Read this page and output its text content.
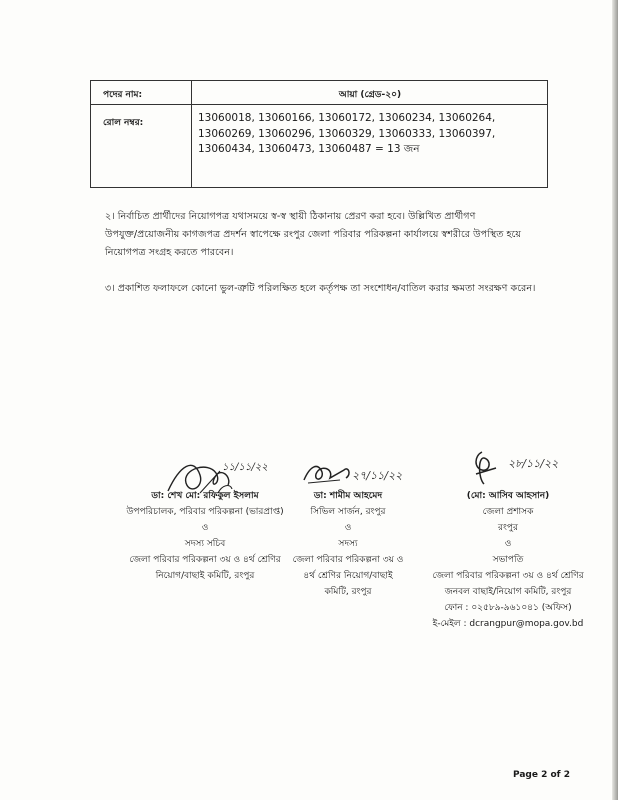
পদের নাম:	আয়া (গ্রেড-২০)
রোল নম্বর:	13060018, 13060166, 13060172, 13060234, 13060264,
13060269, 13060296, 13060329, 13060333, 13060397,
13060434, 13060473, 13060487 = 13 জন
২। নির্বাচিত প্রার্থীদের নিয়োগপত্র যথাসময়ে স্ব-স্ব স্থায়ী ঠিকানায় প্রেরণ করা হবে। উল্লিখিত প্রার্থীগণ
উপযুক্ত/প্রয়োজনীয় কাগজপত্র প্রদর্শন স্বাপেক্ষে রংপুর জেলা পরিবার পরিকল্পনা কার্যালয়ে স্বশরীরে উপস্থিত হয়ে
নিয়োগপত্র সংগ্রহ করতে পারবেন।
৩। প্রকাশিত ফলাফলে কোনো ভুল-ত্রুটি পরিলক্ষিত হলে কর্তৃপক্ষ তা সংশোধন/বাতিল করার ক্ষমতা সংরক্ষণ করেন।
১১/১১/২২
২৭/১১/২২
২৮/১১/২২
ডা: শেখ মো: রফিকুল ইসলাম
উপপরিচালক, পরিবার পরিকল্পনা (ভারপ্রাপ্ত)
ও
সদস্য সচিব
জেলা পরিবার পরিকল্পনা ৩য় ও ৪র্থ শ্রেণির
নিয়োগ/বাছাই কমিটি, রংপুর
ডা: শামীম আহমেদ
সিভিল সার্জন, রংপুর
ও
সদস্য
জেলা পরিবার পরিকল্পনা ৩য় ও
৪র্থ শ্রেণির নিয়োগ/বাছাই
কমিটি, রংপুর
(মো: আসিব আহসান)
জেলা প্রশাসক
রংপুর
ও
সভাপতি
জেলা পরিবার পরিকল্পনা ৩য় ও ৪র্থ শ্রেণির
জনবল বাছাই/নিয়োগ কমিটি, রংপুর
ফোন : ০২৫৮৯-৯৬১০৪১ (অফিস)
ই-মেইল : dcrangpur@mopa.gov.bd
Page 2 of 2
